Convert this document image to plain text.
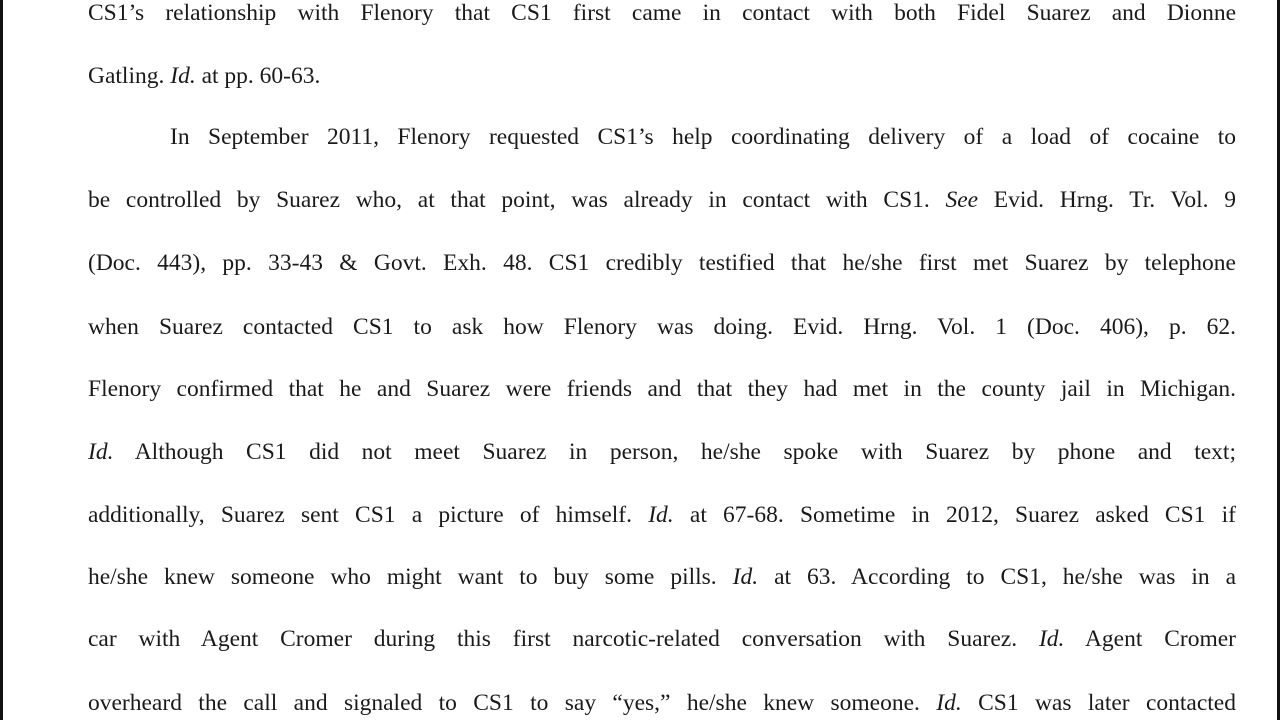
CS1’s relationship with Flenory that CS1 first came in contact with both Fidel Suarez and Dionne
Gatling. Id. at pp. 60-63.
In September 2011, Flenory requested CS1’s help coordinating delivery of a load of cocaine to
be controlled by Suarez who, at that point, was already in contact with CS1. See Evid. Hrng. Tr. Vol. 9
(Doc. 443), pp. 33-43 & Govt. Exh. 48. CS1 credibly testified that he/she first met Suarez by telephone
when Suarez contacted CS1 to ask how Flenory was doing. Evid. Hrng. Vol. 1 (Doc. 406), p. 62.
Flenory confirmed that he and Suarez were friends and that they had met in the county jail in Michigan.
Id. Although CS1 did not meet Suarez in person, he/she spoke with Suarez by phone and text;
additionally, Suarez sent CS1 a picture of himself. Id. at 67-68. Sometime in 2012, Suarez asked CS1 if
he/she knew someone who might want to buy some pills. Id. at 63. According to CS1, he/she was in a
car with Agent Cromer during this first narcotic-related conversation with Suarez. Id. Agent Cromer
overheard the call and signaled to CS1 to say “yes,” he/she knew someone. Id. CS1 was later contacted
